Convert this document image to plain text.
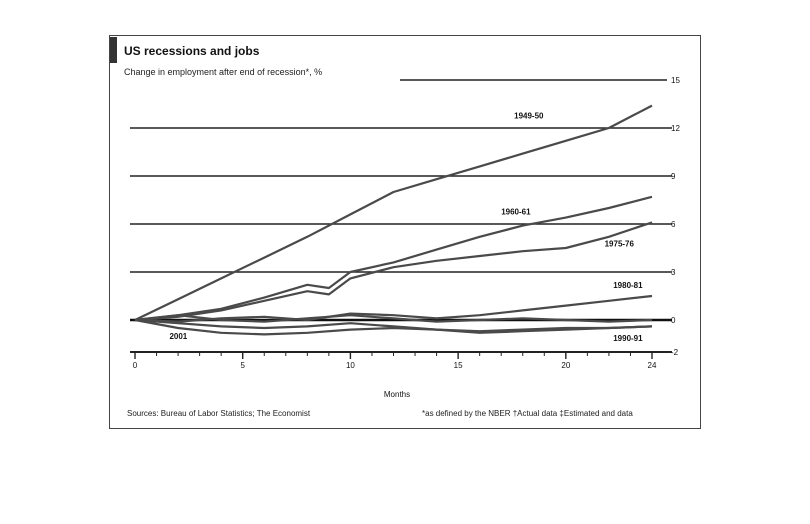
US recessions and jobs
Change in employment after end of recession*, %
-2
0
3
6
9
12
15
0	5	10	15	20	24
1949-50
1960-61
1975-76
1980-81
1990-91
2001
Months
Sources: Bureau of Labor Statistics; The Economist	*as defined by the NBER †Actual data ‡Estimated and data
